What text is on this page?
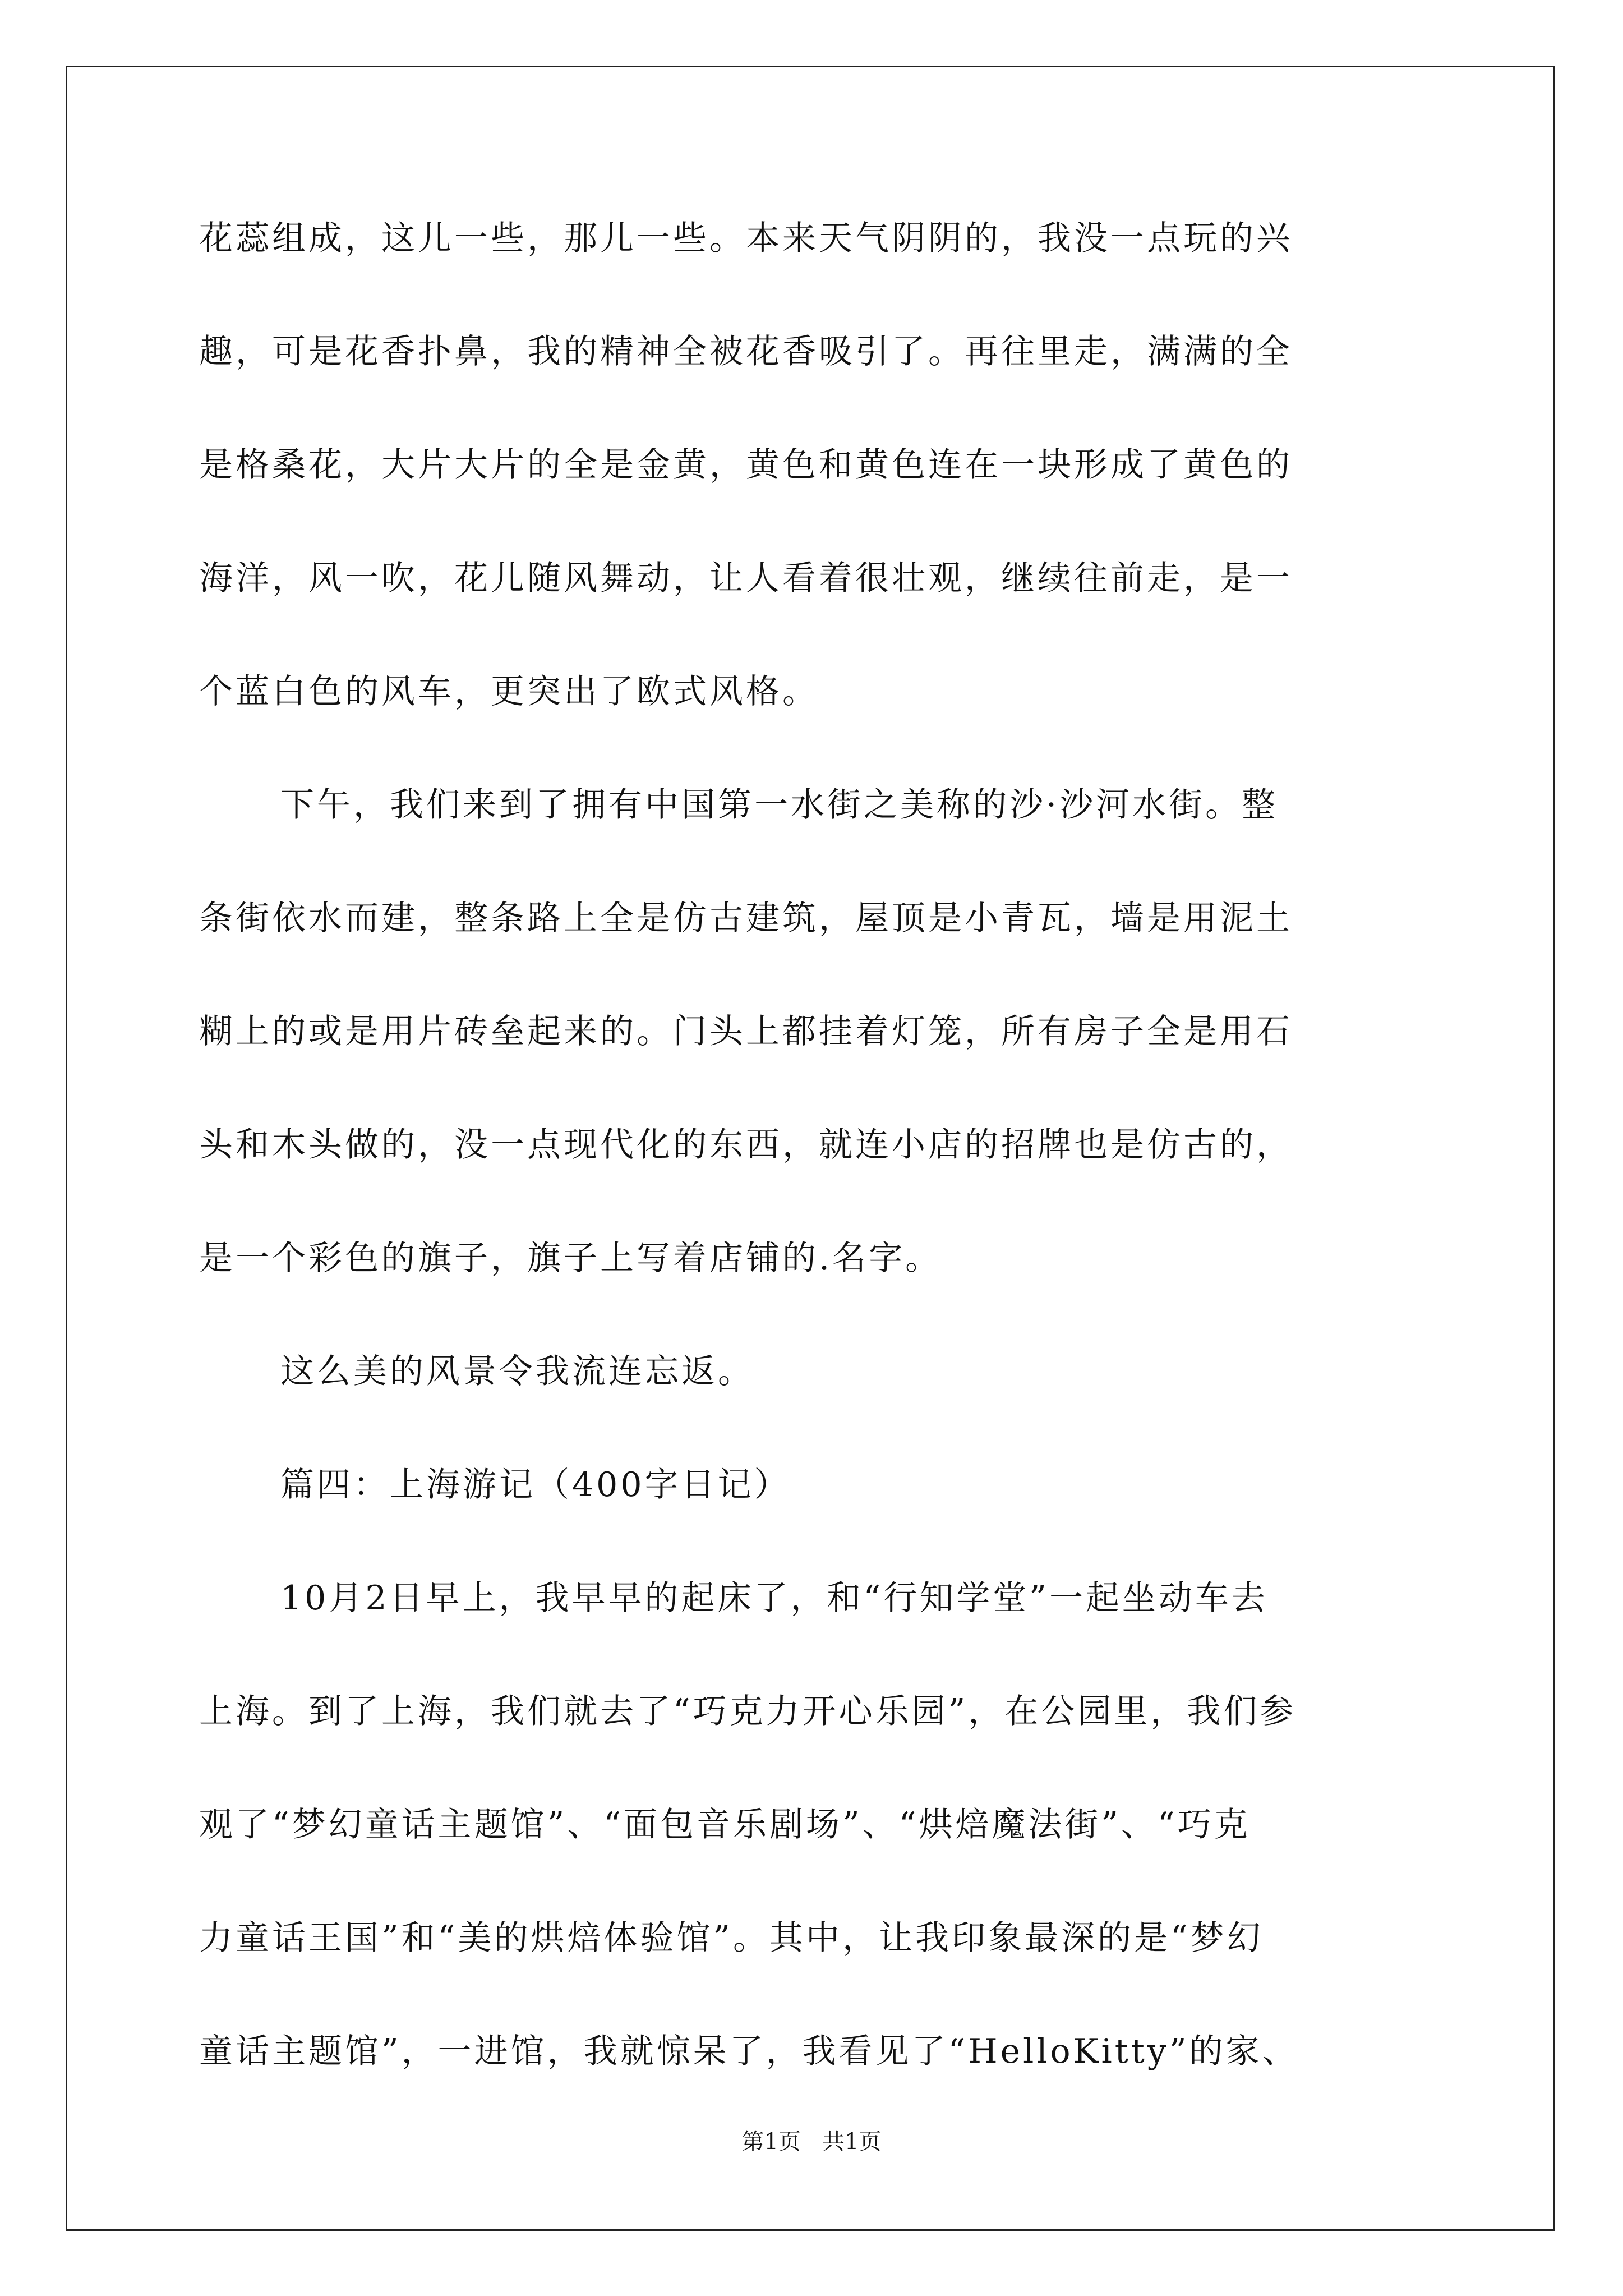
花蕊组成，这儿一些，那儿一些。本来天气阴阴的，我没一点玩的兴
趣，可是花香扑鼻，我的精神全被花香吸引了。再往里走，满满的全
是格桑花，大片大片的全是金黄，黄色和黄色连在一块形成了黄色的
海洋，风一吹，花儿随风舞动，让人看着很壮观，继续往前走，是一
个蓝白色的风车，更突出了欧式风格。
下午，我们来到了拥有中国第一水街之美称的沙·沙河水街。整
条街依水而建，整条路上全是仿古建筑，屋顶是小青瓦，墙是用泥土
糊上的或是用片砖垒起来的。门头上都挂着灯笼，所有房子全是用石
头和木头做的，没一点现代化的东西，就连小店的招牌也是仿古的，
是一个彩色的旗子，旗子上写着店铺的.名字。
这么美的风景令我流连忘返。
篇四：上海游记（400字日记）
10月2日早上，我早早的起床了，和“行知学堂”一起坐动车去
上海。到了上海，我们就去了“巧克力开心乐园”，在公园里，我们参
观了“梦幻童话主题馆”、“面包音乐剧场”、“烘焙魔法街”、“巧克
力童话王国”和“美的烘焙体验馆”。其中，让我印象最深的是“梦幻
童话主题馆”，一进馆，我就惊呆了，我看见了“HelloKitty”的家、
第1页   共1页
